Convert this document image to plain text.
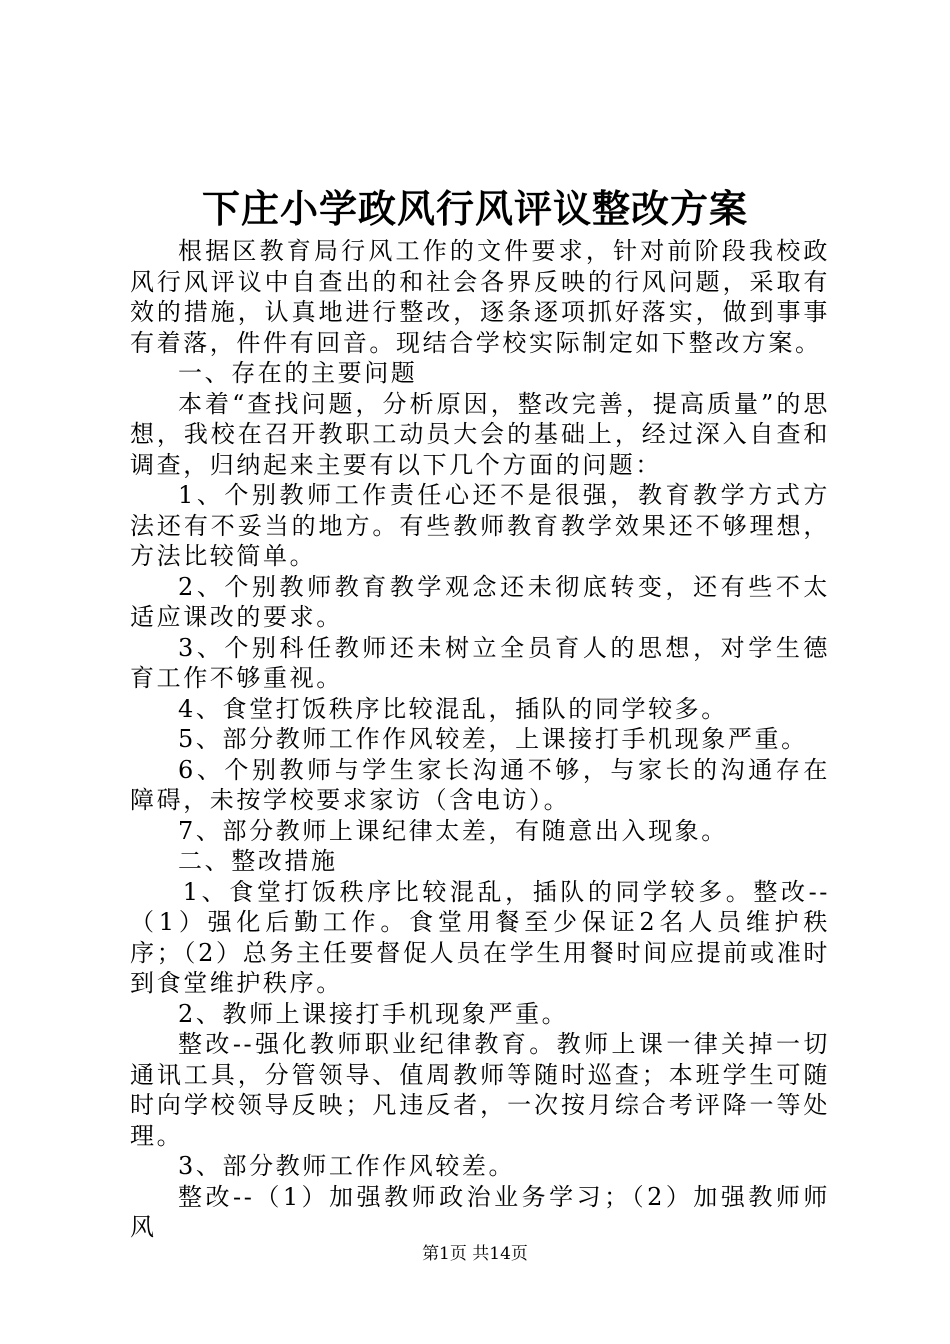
下庄小学政风行风评议整改方案

根据区教育局行风工作的文件要求，针对前阶段我校政风行风评议中自查出的和社会各界反映的行风问题，采取有效的措施，认真地进行整改，逐条逐项抓好落实，做到事事有着落，件件有回音。现结合学校实际制定如下整改方案。

一、存在的主要问题

本着“查找问题，分析原因，整改完善，提高质量”的思想，我校在召开教职工动员大会的基础上，经过深入自查和调查，归纳起来主要有以下几个方面的问题：

1、个别教师工作责任心还不是很强，教育教学方式方法还有不妥当的地方。有些教师教育教学效果还不够理想，方法比较简单。

2、个别教师教育教学观念还未彻底转变，还有些不太适应课改的要求。

3、个别科任教师还未树立全员育人的思想，对学生德育工作不够重视。

4、食堂打饭秩序比较混乱，插队的同学较多。

5、部分教师工作作风较差，上课接打手机现象严重。

6、个别教师与学生家长沟通不够，与家长的沟通存在障碍，未按学校要求家访（含电访）。

7、部分教师上课纪律太差，有随意出入现象。

二、整改措施

1、食堂打饭秩序比较混乱，插队的同学较多。整改--（1）强化后勤工作。食堂用餐至少保证2名人员维护秩序；（2）总务主任要督促人员在学生用餐时间应提前或准时到食堂维护秩序。

2、教师上课接打手机现象严重。

整改--强化教师职业纪律教育。教师上课一律关掉一切通讯工具，分管领导、值周教师等随时巡查；本班学生可随时向学校领导反映；凡违反者，一次按月综合考评降一等处理。

3、部分教师工作作风较差。

整改--（1）加强教师政治业务学习；（2）加强教师师风

第1页 共14页
